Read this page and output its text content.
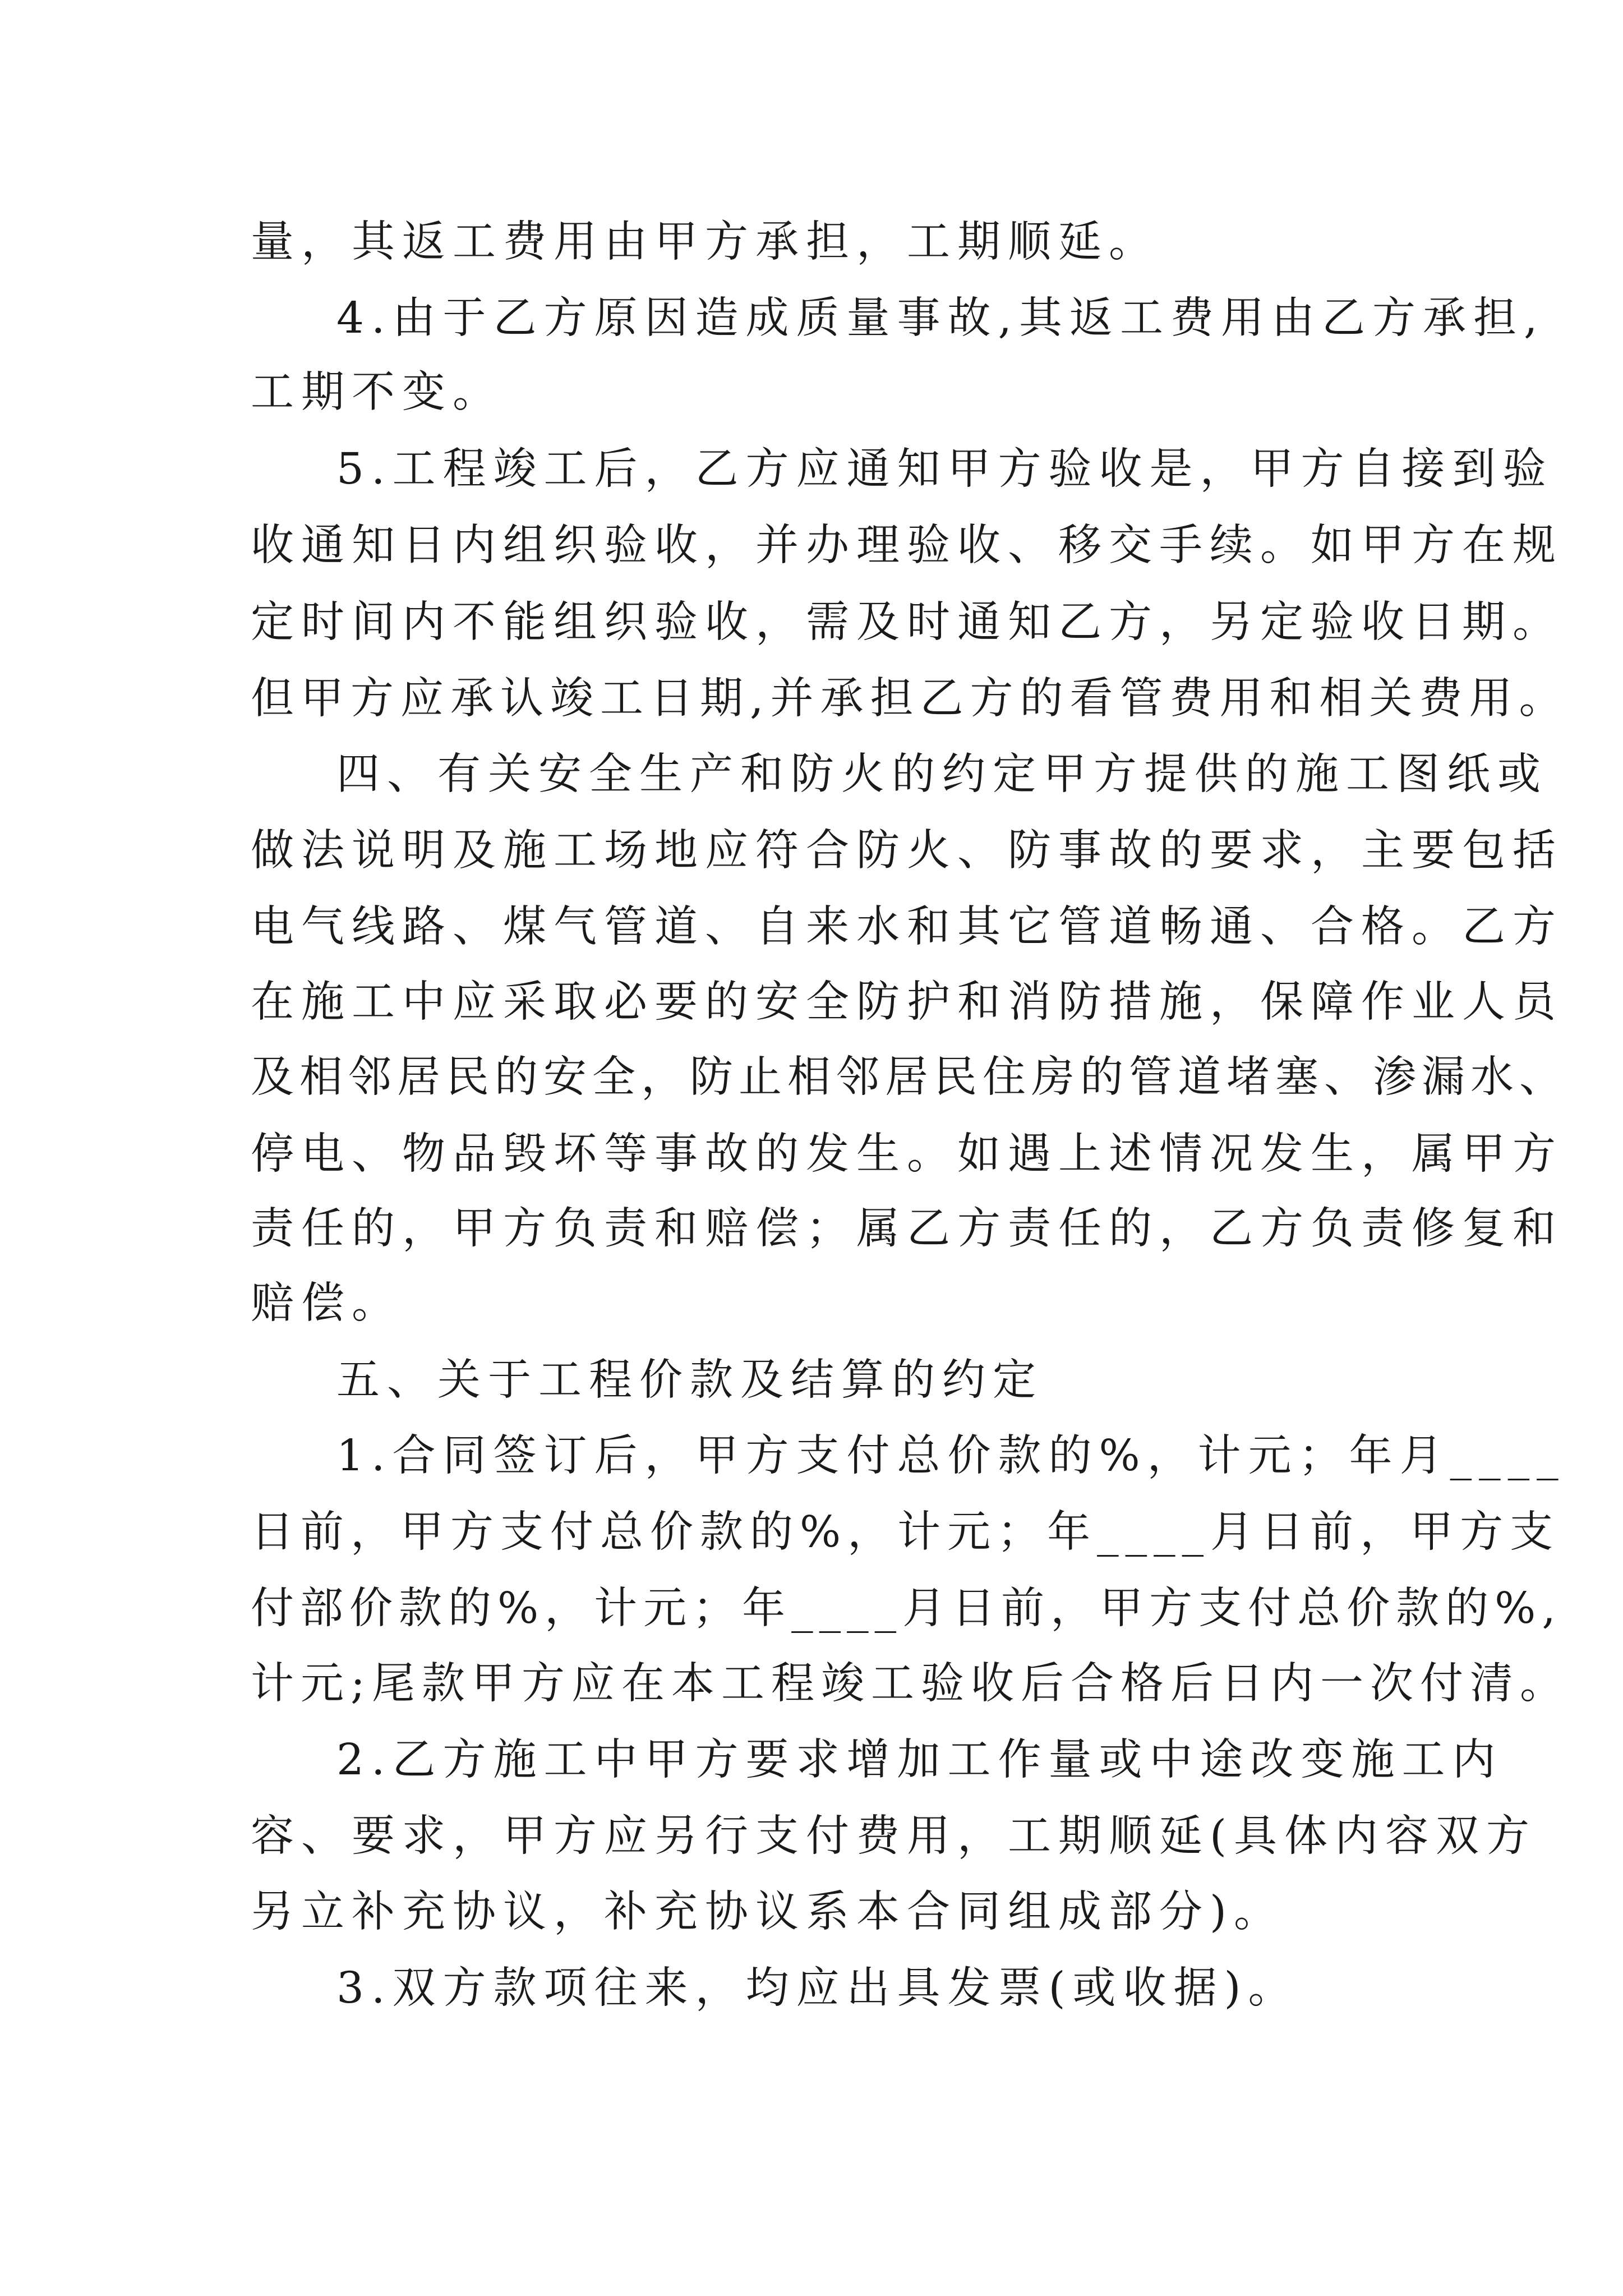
量，其返工费用由甲方承担，工期顺延。
4.由于乙方原因造成质量事故,其返工费用由乙方承担,
工期不变。
5.工程竣工后，乙方应通知甲方验收是，甲方自接到验
收通知日内组织验收，并办理验收、移交手续。如甲方在规
定时间内不能组织验收，需及时通知乙方，另定验收日期。
但甲方应承认竣工日期,并承担乙方的看管费用和相关费用。
四、有关安全生产和防火的约定甲方提供的施工图纸或
做法说明及施工场地应符合防火、防事故的要求，主要包括
电气线路、煤气管道、自来水和其它管道畅通、合格。乙方
在施工中应采取必要的安全防护和消防措施，保障作业人员
及相邻居民的安全，防止相邻居民住房的管道堵塞、渗漏水、
停电、物品毁坏等事故的发生。如遇上述情况发生，属甲方
责任的，甲方负责和赔偿；属乙方责任的，乙方负责修复和
赔偿。
五、关于工程价款及结算的约定
1.合同签订后，甲方支付总价款的%，计元；年月____
日前，甲方支付总价款的%，计元；年____月日前，甲方支
付部价款的%，计元；年____月日前，甲方支付总价款的%,
计元;尾款甲方应在本工程竣工验收后合格后日内一次付清。
2.乙方施工中甲方要求增加工作量或中途改变施工内
容、要求，甲方应另行支付费用，工期顺延(具体内容双方
另立补充协议，补充协议系本合同组成部分)。
3.双方款项往来，均应出具发票(或收据)。
